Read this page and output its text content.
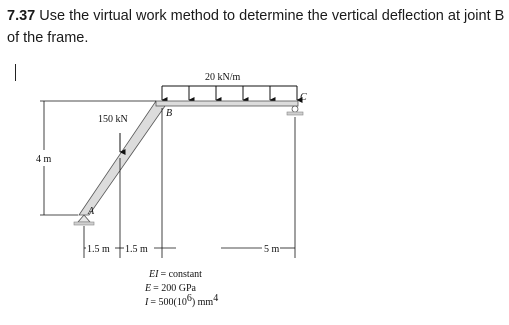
7.37 Use the virtual work method to determine the vertical deflection at joint B of the frame.
20 kN/m
A
C
B
150 kN
4 m
1.5 m 1.5 m	5 m
EI = constant
E = 200 GPa
$I = 500(10^6_{) mm}^4$
